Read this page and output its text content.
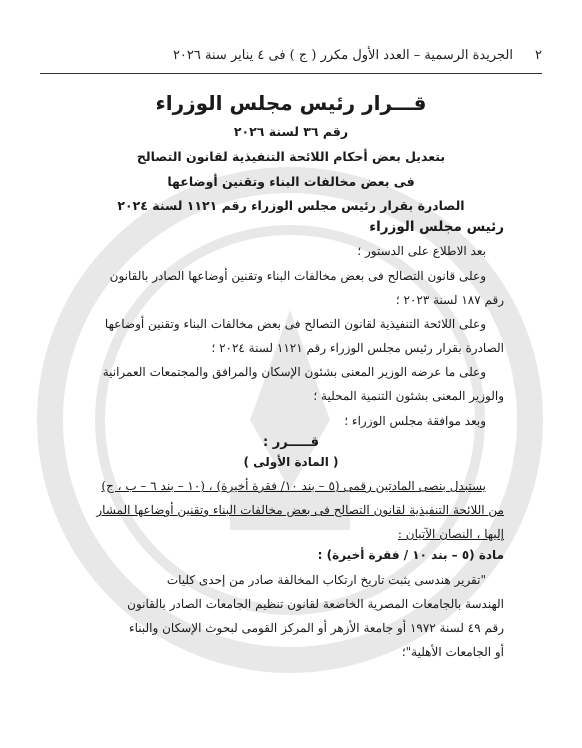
٢
الجريدة الرسمية – العدد الأول مكرر ( ج ) فى ٤ يناير سنة ٢٠٢٦
قـــرار رئيس مجلس الوزراء
رقم ٣٦ لسنة ٢٠٢٦
بتعديل بعض أحكام اللائحة التنفيذية لقانون التصالح
فى بعض مخالفات البناء وتقنين أوضاعها
الصادرة بقرار رئيس مجلس الوزراء رقم ١١٢١ لسنة ٢٠٢٤
رئيس مجلس الوزراء
بعد الاطلاع على الدستور ؛
وعلى قانون التصالح فى بعض مخالفات البناء وتقنين أوضاعها الصادر بالقانون
رقم ١٨٧ لسنة ٢٠٢٣ ؛
وعلى اللائحة التنفيذية لقانون التصالح فى بعض مخالفات البناء وتقنين أوضاعها
الصادرة بقرار رئيس مجلس الوزراء رقم ١١٢١ لسنة ٢٠٢٤ ؛
وعلى ما عرضه الوزير المعنى بشئون الإسكان والمرافق والمجتمعات العمرانية
والوزير المعنى بشئون التنمية المحلية ؛
وبعد موافقة مجلس الوزراء ؛
قـــــرر :
( المادة الأولى )
يستبدل بنصى المادتين رقمى (٥ – بند ١٠/ فقرة أخيرة) ، (١٠ – بند ٦ – ب ، ج)
من اللائحة التنفيذية لقانون التصالح فى بعض مخالفات البناء وتقنين أوضاعها المشار
إليها ، النصان الآتيان :
مادة (٥ – بند ١٠ / فقرة أخيرة) :
"تقرير هندسى يثبت تاريخ ارتكاب المخالفة صادر من إحدى كليات
الهندسة بالجامعات المصرية الخاضعة لقانون تنظيم الجامعات الصادر بالقانون
رقم ٤٩ لسنة ١٩٧٢ أو جامعة الأزهر أو المركز القومى لبحوث الإسكان والبناء
أو الجامعات الأهلية"؛
